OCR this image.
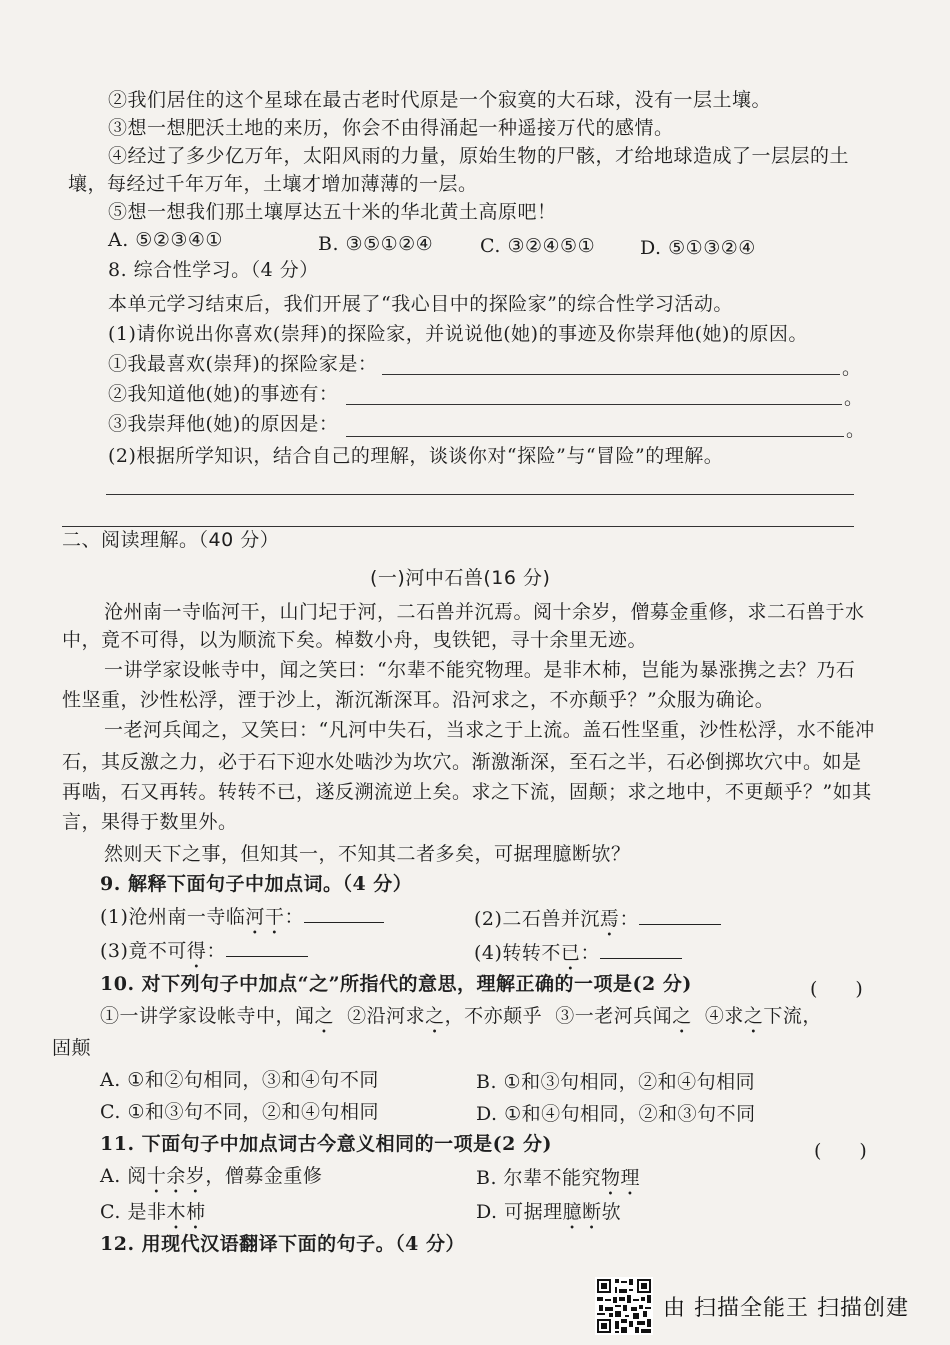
②我们居住的这个星球在最古老时代原是一个寂寞的大石球，没有一层土壤。
③想一想肥沃土地的来历，你会不由得涌起一种遥接万代的感情。
④经过了多少亿万年，太阳风雨的力量，原始生物的尸骸，才给地球造成了一层层的土
壤，每经过千年万年，土壤才增加薄薄的一层。
⑤想一想我们那土壤厚达五十米的华北黄土高原吧！
A. ⑤②③④①	B. ③⑤①②④ C. ③②④⑤① D. ⑤①③②④
8. 综合性学习。（4 分）
本单元学习结束后，我们开展了“我心目中的探险家”的综合性学习活动。
(1)请你说出你喜欢(崇拜)的探险家，并说说他(她)的事迹及你崇拜他(她)的原因。
①我最喜欢(崇拜)的探险家是：	。
②我知道他(她)的事迹有：	。
③我崇拜他(她)的原因是：	。
(2)根据所学知识，结合自己的理解，谈谈你对“探险”与“冒险”的理解。
二、阅读理解。（40 分）
(一)河中石兽(16 分)
沧州南一寺临河干，山门圮于河，二石兽并沉焉。阅十余岁，僧募金重修，求二石兽于水
中，竟不可得，以为顺流下矣。棹数小舟，曳铁钯，寻十余里无迹。
一讲学家设帐寺中，闻之笑曰：“尔辈不能究物理。是非木杮，岂能为暴涨携之去？乃石
性坚重，沙性松浮，湮于沙上，渐沉渐深耳。沿河求之，不亦颠乎？”众服为确论。
一老河兵闻之，又笑曰：“凡河中失石，当求之于上流。盖石性坚重，沙性松浮，水不能冲
石，其反激之力，必于石下迎水处啮沙为坎穴。渐激渐深，至石之半，石必倒掷坎穴中。如是
再啮，石又再转。转转不已，遂反溯流逆上矣。求之下流，固颠；求之地中，不更颠乎？”如其
言，果得于数里外。
然则天下之事，但知其一，不知其二者多矣，可据理臆断欤？
9. 解释下面句子中加点词。（4 分）
(1)沧州南一寺临河干：	(2)二石兽并沉焉：
(3)竟不可得：	(4)转转不已：
10. 对下列句子中加点“之”所指代的意思，理解正确的一项是(2 分)	(　　)
①一讲学家设帐寺中，闻之 ②沿河求之，不亦颠乎 ③一老河兵闻之 ④求之下流，
固颠
A. ①和②句相同，③和④句不同	B. ①和③句相同，②和④句相同
C. ①和③句不同，②和④句相同	D. ①和④句相同，②和③句不同
11. 下面句子中加点词古今意义相同的一项是(2 分)	(　　)
A. 阅十余岁，僧募金重修	B. 尔辈不能究物理
C. 是非木杮	D. 可据理臆断欤
12. 用现代汉语翻译下面的句子。（4 分）
由 扫描全能王 扫描创建
